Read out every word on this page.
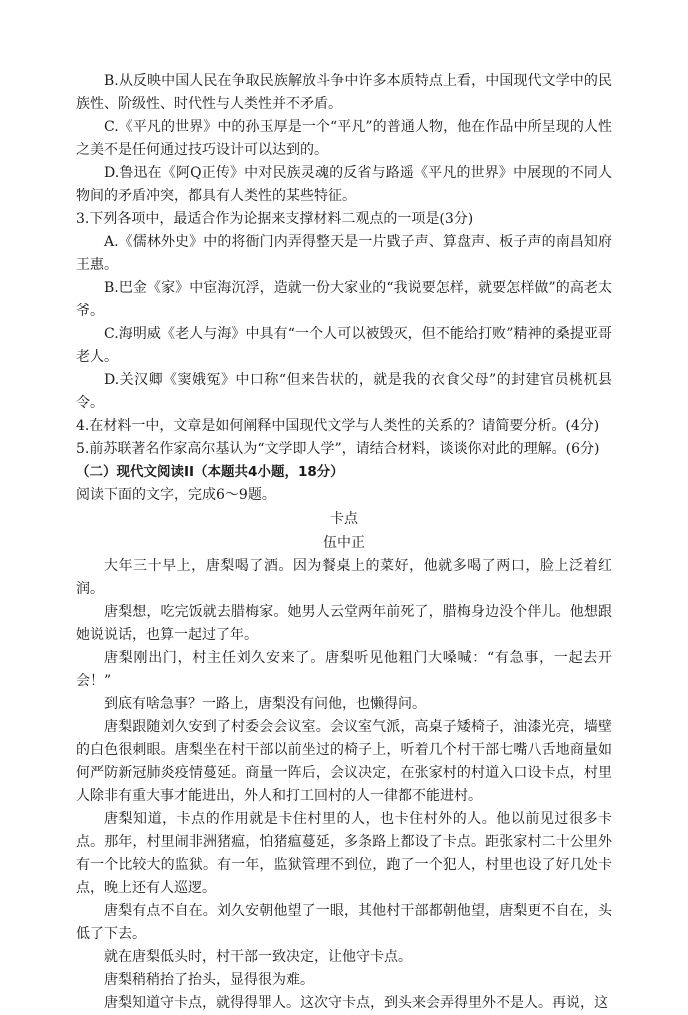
B.从反映中国人民在争取民族解放斗争中许多本质特点上看，中国现代文学中的民族性、阶级性、时代性与人类性并不矛盾。

C.《平凡的世界》中的孙玉厚是一个“平凡”的普通人物，他在作品中所呈现的人性之美不是任何通过技巧设计可以达到的。

D.鲁迅在《阿Q正传》中对民族灵魂的反省与路遥《平凡的世界》中展现的不同人物间的矛盾冲突，都具有人类性的某些特征。

3.下列各项中，最适合作为论据来支撑材料二观点的一项是(3分)

A.《儒林外史》中的将衙门内弄得整天是一片戥子声、算盘声、板子声的南昌知府王惠。

B.巴金《家》中宦海沉浮，造就一份大家业的“我说要怎样，就要怎样做”的高老太爷。

C.海明威《老人与海》中具有“一个人可以被毁灭，但不能给打败”精神的桑提亚哥老人。

D.关汉卿《窦娥冤》中口称“但来告状的，就是我的衣食父母”的封建官员桃杌县令。

4.在材料一中，文章是如何阐释中国现代文学与人类性的关系的？请简要分析。(4分)

5.前苏联著名作家高尔基认为“文学即人学”，请结合材料，谈谈你对此的理解。(6分)

（二）现代文阅读II（本题共4小题，18分）

阅读下面的文字，完成6～9题。

卡点

伍中正

大年三十早上，唐梨喝了酒。因为餐桌上的菜好，他就多喝了两口，脸上泛着红润。

唐梨想，吃完饭就去腊梅家。她男人云堂两年前死了，腊梅身边没个伴儿。他想跟她说说话，也算一起过了年。

唐梨刚出门，村主任刘久安来了。唐梨听见他粗门大嗓喊：“有急事，一起去开会！”

到底有啥急事？一路上，唐梨没有问他，也懒得问。

唐梨跟随刘久安到了村委会会议室。会议室气派，高桌子矮椅子，油漆光亮，墙壁的白色很刺眼。唐梨坐在村干部以前坐过的椅子上，听着几个村干部七嘴八舌地商量如何严防新冠肺炎疫情蔓延。商量一阵后，会议决定，在张家村的村道入口设卡点，村里人除非有重大事才能进出，外人和打工回村的人一律都不能进村。

唐梨知道，卡点的作用就是卡住村里的人，也卡住村外的人。他以前见过很多卡点。那年，村里闹非洲猪瘟，怕猪瘟蔓延，多条路上都设了卡点。距张家村二十公里外有一个比较大的监狱。有一年，监狱管理不到位，跑了一个犯人，村里也设了好几处卡点，晚上还有人巡逻。

唐梨有点不自在。刘久安朝他望了一眼，其他村干部都朝他望，唐梨更不自在，头低了下去。

就在唐梨低头时，村干部一致决定，让他守卡点。

唐梨稍稍抬了抬头，显得很为难。

唐梨知道守卡点，就得得罪人。这次守卡点，到头来会弄得里外不是人。再说，这
